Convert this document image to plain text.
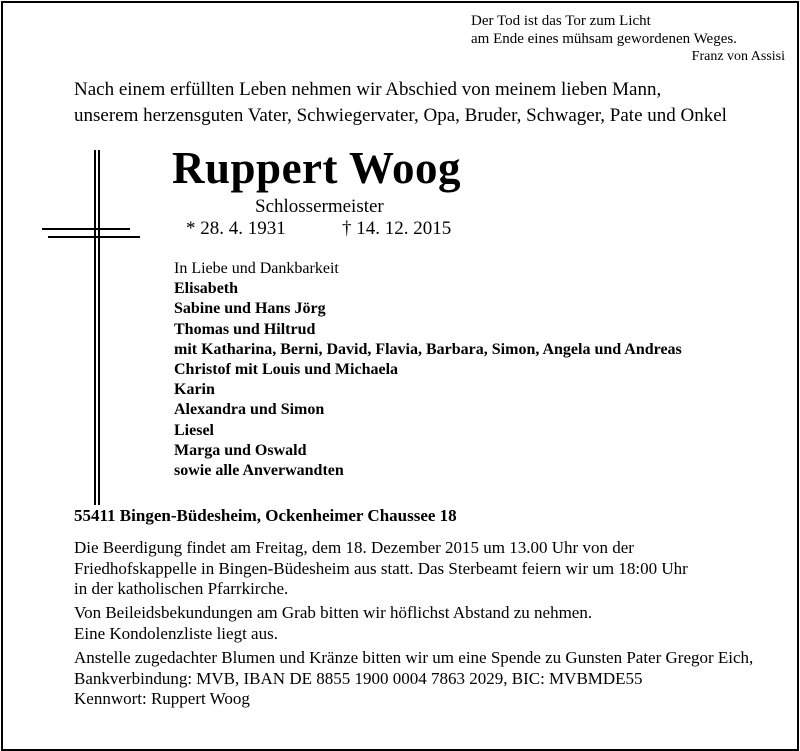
Der Tod ist das Tor zum Licht
am Ende eines mühsam gewordenen Weges.
Franz von Assisi
Nach einem erfüllten Leben nehmen wir Abschied von meinem lieben Mann,
unserem herzensguten Vater, Schwiegervater, Opa, Bruder, Schwager, Pate und Onkel
Ruppert Woog
Schlossermeister
* 28. 4. 1931	† 14. 12. 2015
In Liebe und Dankbarkeit
Elisabeth
Sabine und Hans Jörg
Thomas und Hiltrud
mit Katharina, Berni, David, Flavia, Barbara, Simon, Angela und Andreas
Christof mit Louis und Michaela
Karin
Alexandra und Simon
Liesel
Marga und Oswald
sowie alle Anverwandten
55411 Bingen-Büdesheim, Ockenheimer Chaussee 18
Die Beerdigung findet am Freitag, dem 18. Dezember 2015 um 13.00 Uhr von der
Friedhofskappelle in Bingen-Büdesheim aus statt. Das Sterbeamt feiern wir um 18:00 Uhr
in der katholischen Pfarrkirche.
Von Beileidsbekundungen am Grab bitten wir höflichst Abstand zu nehmen.
Eine Kondolenzliste liegt aus.
Anstelle zugedachter Blumen und Kränze bitten wir um eine Spende zu Gunsten Pater Gregor Eich,
Bankverbindung: MVB, IBAN DE 8855 1900 0004 7863 2029, BIC: MVBMDE55
Kennwort: Ruppert Woog
